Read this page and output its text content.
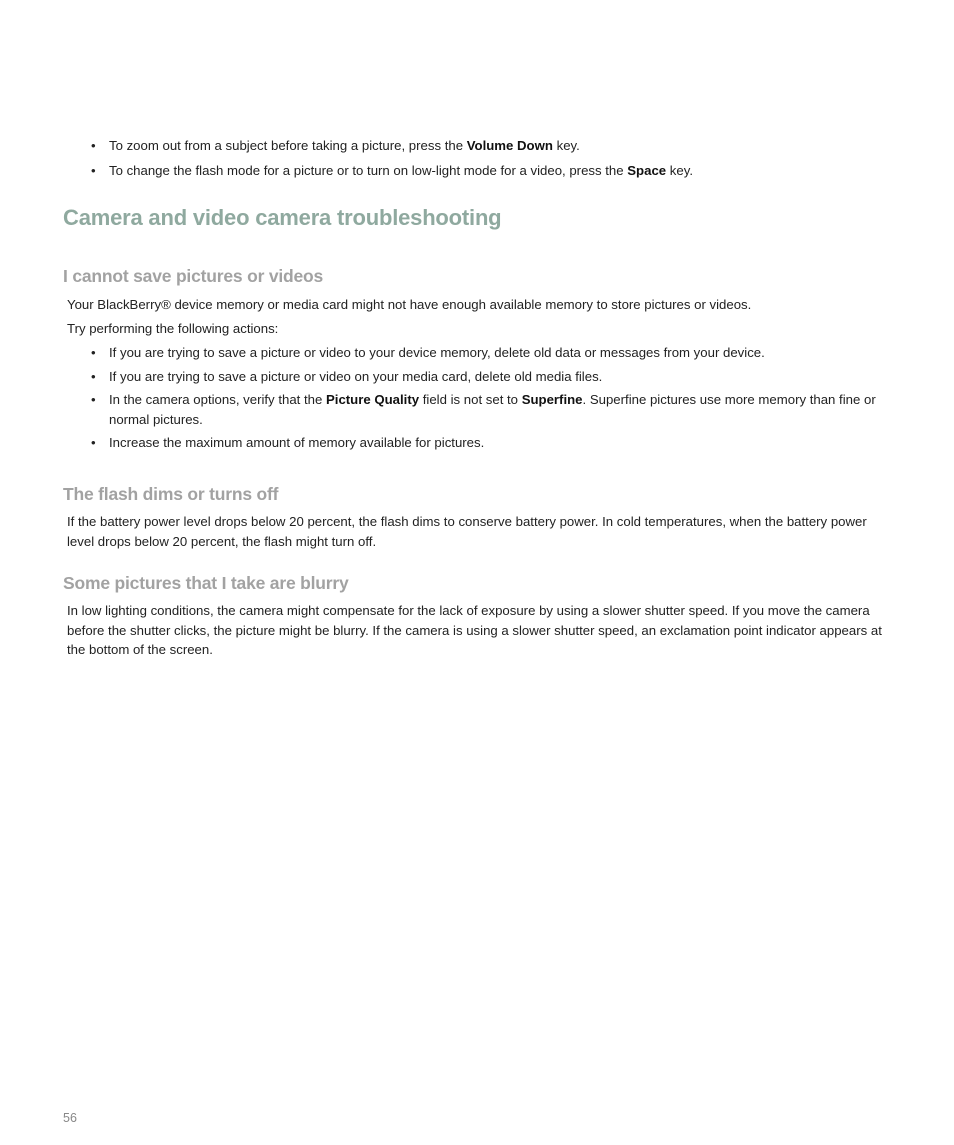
• To zoom out from a subject before taking a picture, press the Volume Down key.
• To change the flash mode for a picture or to turn on low-light mode for a video, press the Space key.
Camera and video camera troubleshooting
I cannot save pictures or videos

Your BlackBerry® device memory or media card might not have enough available memory to store pictures or videos.

Try performing the following actions:

• If you are trying to save a picture or video to your device memory, delete old data or messages from your device.
• If you are trying to save a picture or video on your media card, delete old media files.
• In the camera options, verify that the Picture Quality field is not set to Superfine. Superfine pictures use more memory than fine or normal pictures.
• Increase the maximum amount of memory available for pictures.
The flash dims or turns off

If the battery power level drops below 20 percent, the flash dims to conserve battery power. In cold temperatures, when the battery power level drops below 20 percent, the flash might turn off.

Some pictures that I take are blurry

In low lighting conditions, the camera might compensate for the lack of exposure by using a slower shutter speed. If you move the camera before the shutter clicks, the picture might be blurry. If the camera is using a slower shutter speed, an exclamation point indicator appears at the bottom of the screen.

56
